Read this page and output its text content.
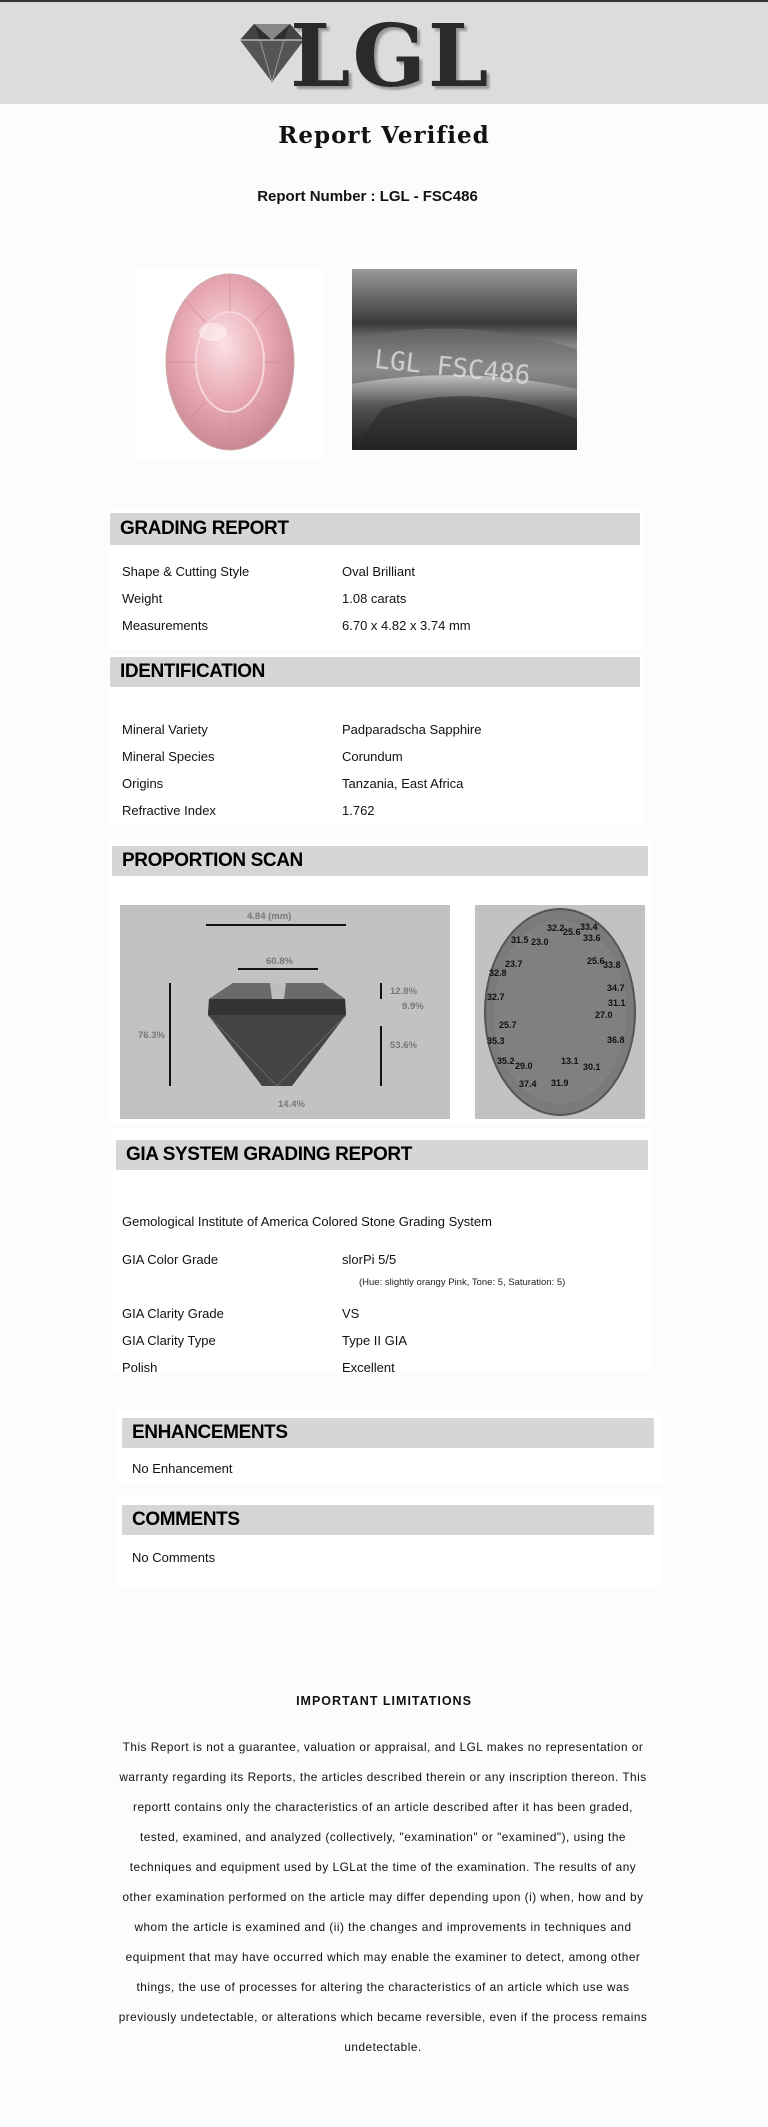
LGL
Report Verified
Report Number : LGL - FSC486
LGL FSC486
GRADING REPORT
Shape & Cutting Style	Oval Brilliant
Weight	1.08 carats
Measurements	6.70 x 4.82 x 3.74 mm
IDENTIFICATION
Mineral Variety	Padparadscha Sapphire
Mineral Species	Corundum
Origins	Tanzania, East Africa
Refractive Index	1.762
PROPORTION SCAN
4.84 (mm)
60.8%
76.3%
12.8%
9.9%
53.6%
14.4%
32.2
25.6 33.4
31.5 23.0	33.6
25.6
33.8
23.7
32.8
34.7
31.1
32.7
27.0
25.7
35.3	36.8
13.1
35.2 29.0	30.1
37.4 31.9
GIA SYSTEM GRADING REPORT
Gemological Institute of America Colored Stone Grading System
GIA Color Grade	slorPi 5/5
(Hue: slightly orangy Pink, Tone: 5, Saturation: 5)
GIA Clarity Grade	VS
GIA Clarity Type	Type II GIA
Polish	Excellent
ENHANCEMENTS
No Enhancement
COMMENTS
No Comments
IMPORTANT LIMITATIONS
This Report is not a guarantee, valuation or appraisal, and LGL makes no representation or warranty regarding its Reports, the articles described therein or any inscription thereon. This reportt contains only the characteristics of an article described after it has been graded, tested, examined, and analyzed (collectively, "examination" or "examined"), using the techniques and equipment used by LGLat the time of the examination. The results of any other examination performed on the article may differ depending upon (i) when, how and by whom the article is examined and (ii) the changes and improvements in techniques and equipment that may have occurred which may enable the examiner to detect, among other things, the use of processes for altering the characteristics of an article which use was previously undetectable, or alterations which became reversible, even if the process remains undetectable.
